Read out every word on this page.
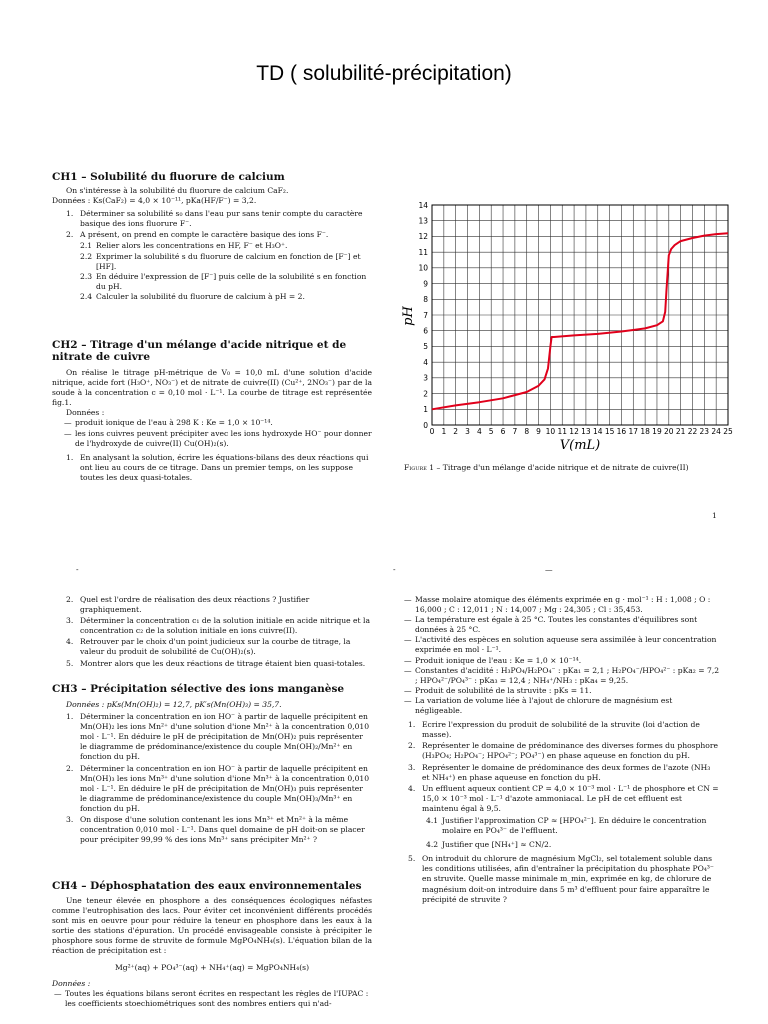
TD ( solubilité-précipitation)
CH1 – Solubilité du fluorure de calcium

On s'intéresse à la solubilité du fluorure de calcium CaF₂.

Données : Ks(CaF₂) = 4,0 × 10⁻¹¹, pKa(HF/F⁻) = 3,2.

1. Déterminer sa solubilité s₀ dans l'eau pur sans tenir compte du caractère basique des ions fluorure F⁻.
2. A présent, on prend en compte le caractère basique des ions F⁻.
2.1 Relier alors les concentrations en HF, F⁻ et H₃O⁺.
2.2 Exprimer la solubilité s du fluorure de calcium en fonction de [F⁻] et [HF].
2.3 En déduire l'expression de [F⁻] puis celle de la solubilité s en fonction du pH.
2.4 Calculer la solubilité du fluorure de calcium à pH = 2.
CH2 – Titrage d'un mélange d'acide nitrique et de nitrate de cuivre

On réalise le titrage pH-métrique de V₀ = 10,0 mL d'une solution d'acide nitrique, acide fort (H₃O⁺, NO₃⁻) et de nitrate de cuivre(II) (Cu²⁺, 2NO₃⁻) par de la soude à la concentration c = 0,10 mol · L⁻¹. La courbe de titrage est représentée fig.1.

Données :

— produit ionique de l'eau à 298 K : Ke = 1,0 × 10⁻¹⁴.
— les ions cuivres peuvent précipiter avec les ions hydroxyde HO⁻ pour donner de l'hydroxyde de cuivre(II) Cu(OH)₂(s).
1. En analysant la solution, écrire les équations-bilans des deux réactions qui ont lieu au cours de ce titrage. Dans un premier temps, on les suppose toutes les deux quasi-totales.
0 1 2 3 4 5 6 7 8 9 10 11 12 13 14 15 16 17 18 19 20 21 22 23 24 25
0
1
2
3
4
5
6
7
8
9
10
11
12
13
14
pH
V(mL)
Figure 1 – Titrage d'un mélange d'acide nitrique et de nitrate de cuivre(II)
1
-	-	—
2. Quel est l'ordre de réalisation des deux réactions ? Justifier graphiquement.
3. Déterminer la concentration c₁ de la solution initiale en acide nitrique et la concentration c₂ de la solution initiale en ions cuivre(II).
4. Retrouver par le choix d'un point judicieux sur la courbe de titrage, la valeur du produit de solubilité de Cu(OH)₂(s).
5. Montrer alors que les deux réactions de titrage étaient bien quasi-totales.
CH3 – Précipitation sélective des ions manganèse

Données : pKs(Mn(OH)₂) = 12,7, pK′s(Mn(OH)₃) = 35,7.

1. Déterminer la concentration en ion HO⁻ à partir de laquelle précipitent en Mn(OH)₂ les ions Mn²⁺ d'une solution d'ione Mn²⁺ à la concentration 0,010 mol · L⁻¹. En déduire le pH de précipitation de Mn(OH)₂ puis représenter le diagramme de prédominance/existence du couple Mn(OH)₂/Mn²⁺ en fonction du pH.
2. Déterminer la concentration en ion HO⁻ à partir de laquelle précipitent en Mn(OH)₃ les ions Mn³⁺ d'une solution d'ione Mn³⁺ à la concentration 0,010 mol · L⁻¹. En déduire le pH de précipitation de Mn(OH)₃ puis représenter le diagramme de prédominance/existence du couple Mn(OH)₃/Mn³⁺ en fonction du pH.
3. On dispose d'une solution contenant les ions Mn³⁺ et Mn²⁺ à la même concentration 0,010 mol · L⁻¹. Dans quel domaine de pH doit-on se placer pour précipiter 99,99 % des ions Mn³⁺ sans précipiter Mn²⁺ ?
CH4 – Déphosphatation des eaux environnementales

Une teneur élevée en phosphore a des conséquences écologiques néfastes comme l'eutrophisation des lacs. Pour éviter cet inconvénient différents procédés sont mis en oeuvre pour pour réduire la teneur en phosphore dans les eaux à la sortie des stations d'épuration. Un procédé envisageable consiste à précipiter le phosphore sous forme de struvite de formule MgPO₄NH₄(s). L'équation bilan de la réaction de précipitation est :

Mg²⁺(aq) + PO₄³⁻(aq) + NH₄⁺(aq) = MgPO₄NH₄(s)

Données :

— Toutes les équations bilans seront écrites en respectant les règles de l'IUPAC : les coefficients stoechiométriques sont des nombres entiers qui n'ad-
— Masse molaire atomique des éléments exprimée en g · mol⁻¹ : H : 1,008 ; O : 16,000 ; C : 12,011 ; N : 14,007 ; Mg : 24,305 ; Cl : 35,453.
— La température est égale à 25 °C. Toutes les constantes d'équilibres sont données à 25 °C.
— L'activité des espèces en solution aqueuse sera assimilée à leur concentration exprimée en mol · L⁻¹.
— Produit ionique de l'eau : Ke = 1,0 × 10⁻¹⁴.
— Constantes d'acidité : H₃PO₄/H₂PO₄⁻ : pKa₁ = 2,1 ; H₂PO₄⁻/HPO₄²⁻ : pKa₂ = 7,2 ; HPO₄²⁻/PO₄³⁻ : pKa₃ = 12,4 ; NH₄⁺/NH₃ : pKa₄ = 9,25.
— Produit de solubilité de la struvite : pKs = 11.
— La variation de volume liée à l'ajout de chlorure de magnésium est négligeable.
1. Ecrire l'expression du produit de solubilité de la struvite (loi d'action de masse).
2. Représenter le domaine de prédominance des diverses formes du phosphore (H₃PO₄; H₂PO₄⁻; HPO₄²⁻; PO₄³⁻) en phase aqueuse en fonction du pH.
3. Représenter le domaine de prédominance des deux formes de l'azote (NH₃ et NH₄⁺) en phase aqueuse en fonction du pH.
4. Un effluent aqueux contient CP = 4,0 × 10⁻³ mol · L⁻¹ de phosphore et CN = 15,0 × 10⁻³ mol · L⁻¹ d'azote ammoniacal. Le pH de cet effluent est maintenu égal à 9,5.
4.1 Justifier l'approximation CP ≈ [HPO₄²⁻]. En déduire le concentration molaire en PO₄³⁻ de l'effluent.
4.2 Justifier que [NH₄⁺] ≈ CN/2.
5. On introduit du chlorure de magnésium MgCl₂, sel totalement soluble dans les conditions utilisées, afin d'entraîner la précipitation du phosphate PO₄³⁻ en struvite. Quelle masse minimale m_min, exprimée en kg, de chlorure de magnésium doit-on introduire dans 5 m³ d'effluent pour faire apparaître le précipité de struvite ?
